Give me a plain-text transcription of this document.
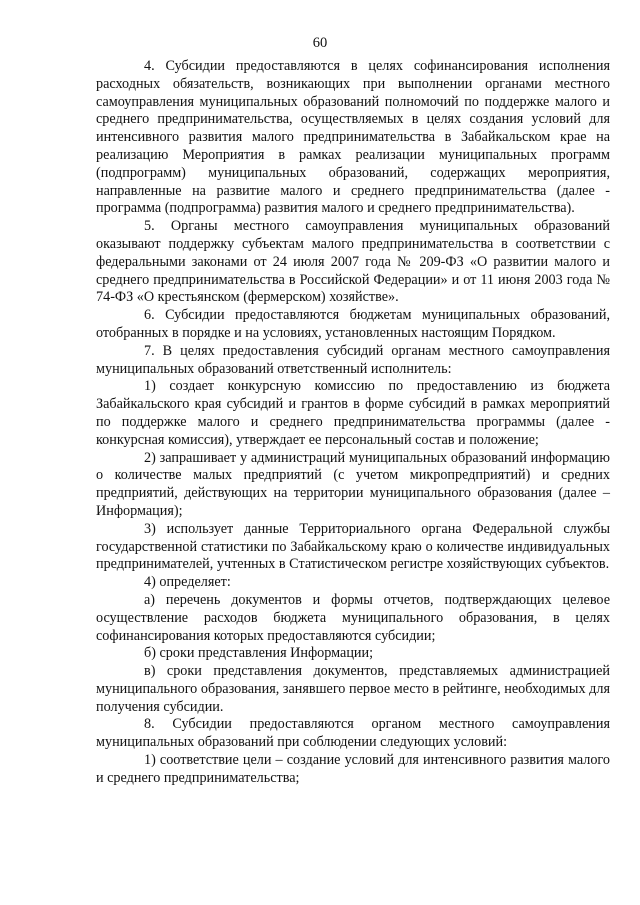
60

4. Субсидии предоставляются в целях софинансирования исполнения расходных обязательств, возникающих при выполнении органами местного самоуправления муниципальных образований полномочий по поддержке малого и среднего предпринимательства, осуществляемых в целях создания условий для интенсивного развития малого предпринимательства в Забайкальском крае на реализацию Мероприятия в рамках реализации муниципальных программ (подпрограмм) муниципальных образований, содержащих мероприятия, направленные на развитие малого и среднего предпринимательства (далее - программа (подпрограмма) развития малого и среднего предпринимательства).

5. Органы местного самоуправления муниципальных образований оказывают поддержку субъектам малого предпринимательства в соответствии с федеральными законами от 24 июля 2007 года № 209-ФЗ «О развитии малого и среднего предпринимательства в Российской Федерации» и от 11 июня 2003 года № 74-ФЗ «О крестьянском (фермерском) хозяйстве».

6. Субсидии предоставляются бюджетам муниципальных образований, отобранных в порядке и на условиях, установленных настоящим Порядком.

7. В целях предоставления субсидий органам местного самоуправления муниципальных образований ответственный исполнитель:

1) создает конкурсную комиссию по предоставлению из бюджета Забайкальского края субсидий и грантов в форме субсидий в рамках мероприятий по поддержке малого и среднего предпринимательства программы (далее - конкурсная комиссия), утверждает ее персональный состав и положение;

2) запрашивает у администраций муниципальных образований информацию о количестве малых предприятий (с учетом микропредприятий) и средних предприятий, действующих на территории муниципального образования (далее – Информация);

3) использует данные Территориального органа Федеральной службы государственной статистики по Забайкальскому краю о количестве индивидуальных предпринимателей, учтенных в Статистическом регистре хозяйствующих субъектов.

4) определяет:

а) перечень документов и формы отчетов, подтверждающих целевое осуществление расходов бюджета муниципального образования, в целях софинансирования которых предоставляются субсидии;

б) сроки представления Информации;

в) сроки представления документов, представляемых администрацией муниципального образования, занявшего первое место в рейтинге, необходимых для получения субсидии.

8. Субсидии предоставляются органом местного самоуправления муниципальных образований при соблюдении следующих условий:

1) соответствие цели – создание условий для интенсивного развития малого и среднего предпринимательства;
